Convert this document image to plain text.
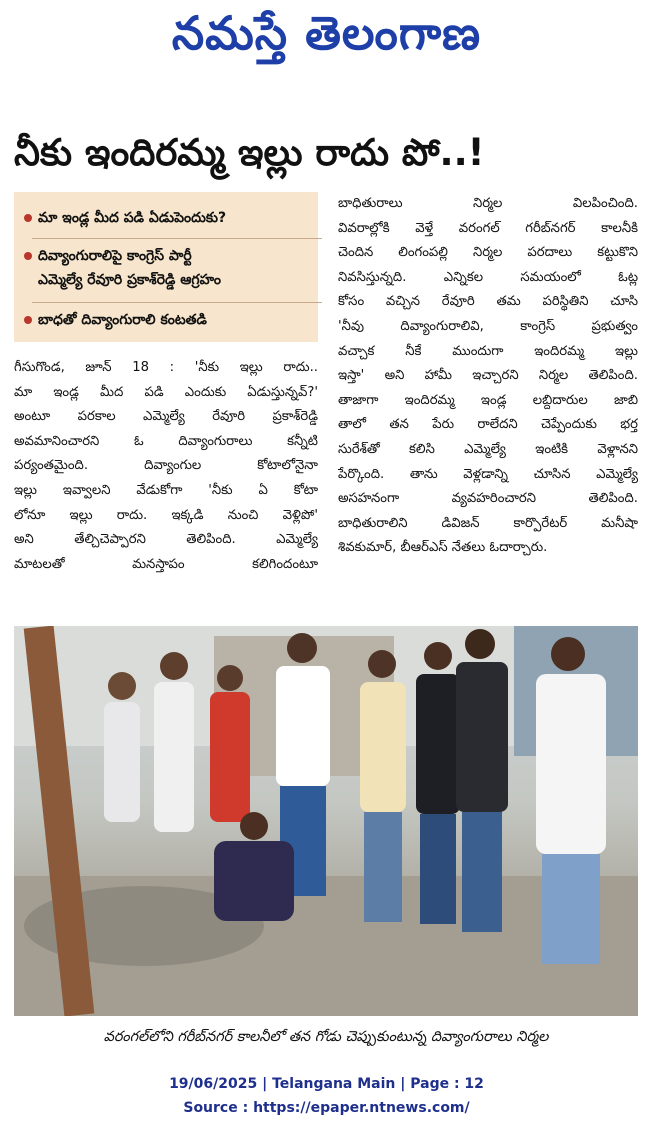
నమస్తే తెలంగాణ
నీకు ఇందిరమ్మ ఇల్లు రాదు పో..!
మా ఇండ్ల మీద పడి ఏడుపెందుకు?
దివ్యాంగురాలిపై కాంగ్రెస్ పార్టీ
ఎమ్మెల్యే రేవూరి ప్రకాశ్‌రెడ్డి ఆగ్రహం
బాధతో దివ్యాంగురాలి కంటతడి
గీసుగొండ, జూన్ 18 : 'నీకు ఇల్లు రాదు..
మా ఇండ్ల మీద పడి ఎందుకు ఏడుస్తున్నవ్?'
అంటూ పరకాల ఎమ్మెల్యే రేవూరి ప్రకాశ్‌రెడ్డి
అవమానించారని ఓ దివ్యాంగురాలు కన్నీటి
పర్యంతమైంది. దివ్యాంగుల కోటాలోనైనా
ఇల్లు ఇవ్వాలని వేడుకోగా 'నీకు ఏ కోటా
లోనూ ఇల్లు రాదు. ఇక్కడి నుంచి వెళ్లిపో'
అని తేల్చిచెప్పారని తెలిపింది. ఎమ్మెల్యే
మాటలతో మనస్తాపం కలిగిందంటూ
బాధితురాలు నిర్మల విలపించింది.
వివరాల్లోకి వెళ్తే వరంగల్ గరీబ్‌నగర్ కాలనీకి
చెందిన లింగంపల్లి నిర్మల పరదాలు కట్టుకొని
నివసిస్తున్నది. ఎన్నికల సమయంలో ఓట్ల
కోసం వచ్చిన రేవూరి తమ పరిస్థితిని చూసి
'నీవు దివ్యాంగురాలివి, కాంగ్రెస్ ప్రభుత్వం
వచ్చాక నీకే ముందుగా ఇందిరమ్మ ఇల్లు
ఇస్తా' అని హామీ ఇచ్చారని నిర్మల తెలిపింది.
తాజాగా ఇందిరమ్మ ఇండ్ల లబ్దిదారుల జాబి
తాలో తన పేరు రాలేదని చెప్పేందుకు భర్త
సురేశ్‌తో కలిసి ఎమ్మెల్యే ఇంటికి వెళ్లానని
పేర్కొంది. తాను వెళ్లడాన్ని చూసిన ఎమ్మెల్యే
అసహనంగా వ్యవహరించారని తెలిపింది.
బాధితురాలిని డివిజన్ కార్పొరేటర్ మనీషా
శివకుమార్, బీఆర్‌ఎస్ నేతలు ఓదార్చారు.
వరంగల్‌లోని గరీబ్‌నగర్ కాలనీలో తన గోడు చెప్పుకుంటున్న దివ్యాంగురాలు నిర్మల
19/06/2025 | Telangana Main | Page : 12
Source : https://epaper.ntnews.com/
